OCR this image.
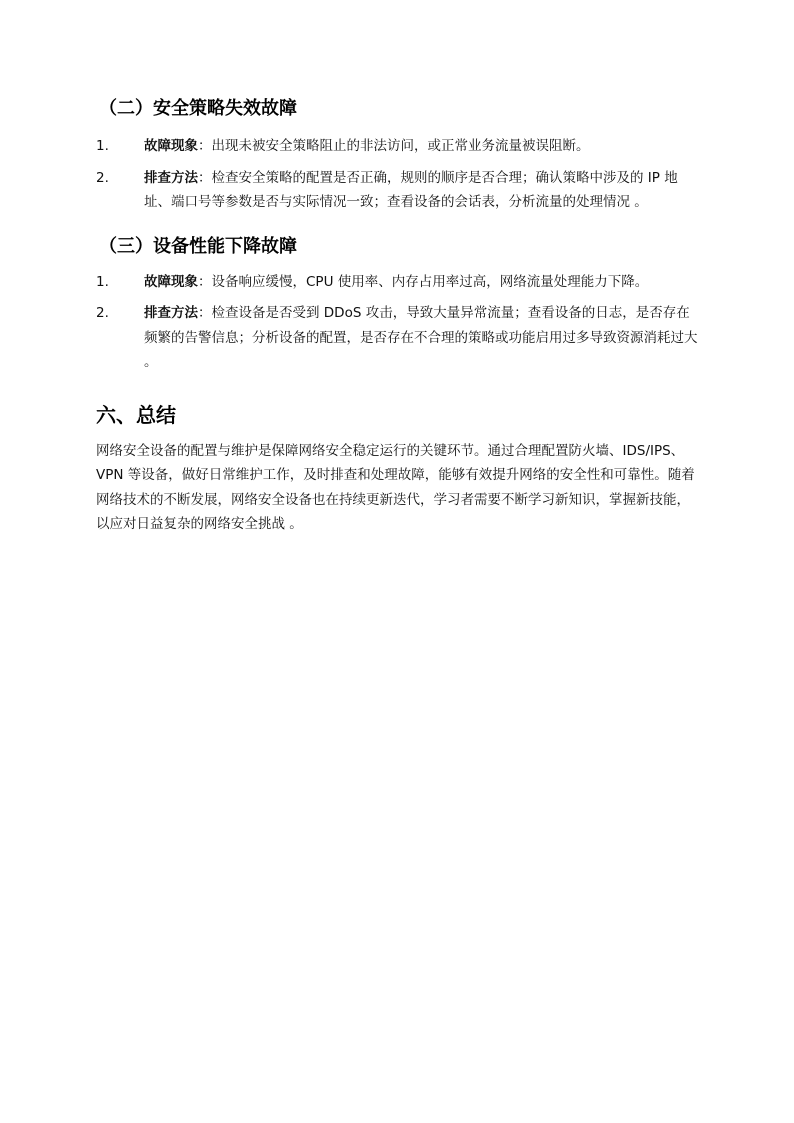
（二）安全策略失效故障
1.	故障现象：出现未被安全策略阻止的非法访问，或正常业务流量被误阻断。
2.	排查方法：检查安全策略的配置是否正确，规则的顺序是否合理；确认策略中涉及的 IP 地址、端口号等参数是否与实际情况一致；查看设备的会话表，分析流量的处理情况 。
（三）设备性能下降故障
1.	故障现象：设备响应缓慢，CPU 使用率、内存占用率过高，网络流量处理能力下降。
2.	排查方法：检查设备是否受到 DDoS 攻击，导致大量异常流量；查看设备的日志，是否存在频繁的告警信息；分析设备的配置，是否存在不合理的策略或功能启用过多导致资源消耗过大 。
六、总结

网络安全设备的配置与维护是保障网络安全稳定运行的关键环节。通过合理配置防火墙、IDS/IPS、VPN 等设备，做好日常维护工作，及时排查和处理故障，能够有效提升网络的安全性和可靠性。随着网络技术的不断发展，网络安全设备也在持续更新迭代，学习者需要不断学习新知识，掌握新技能，以应对日益复杂的网络安全挑战 。
